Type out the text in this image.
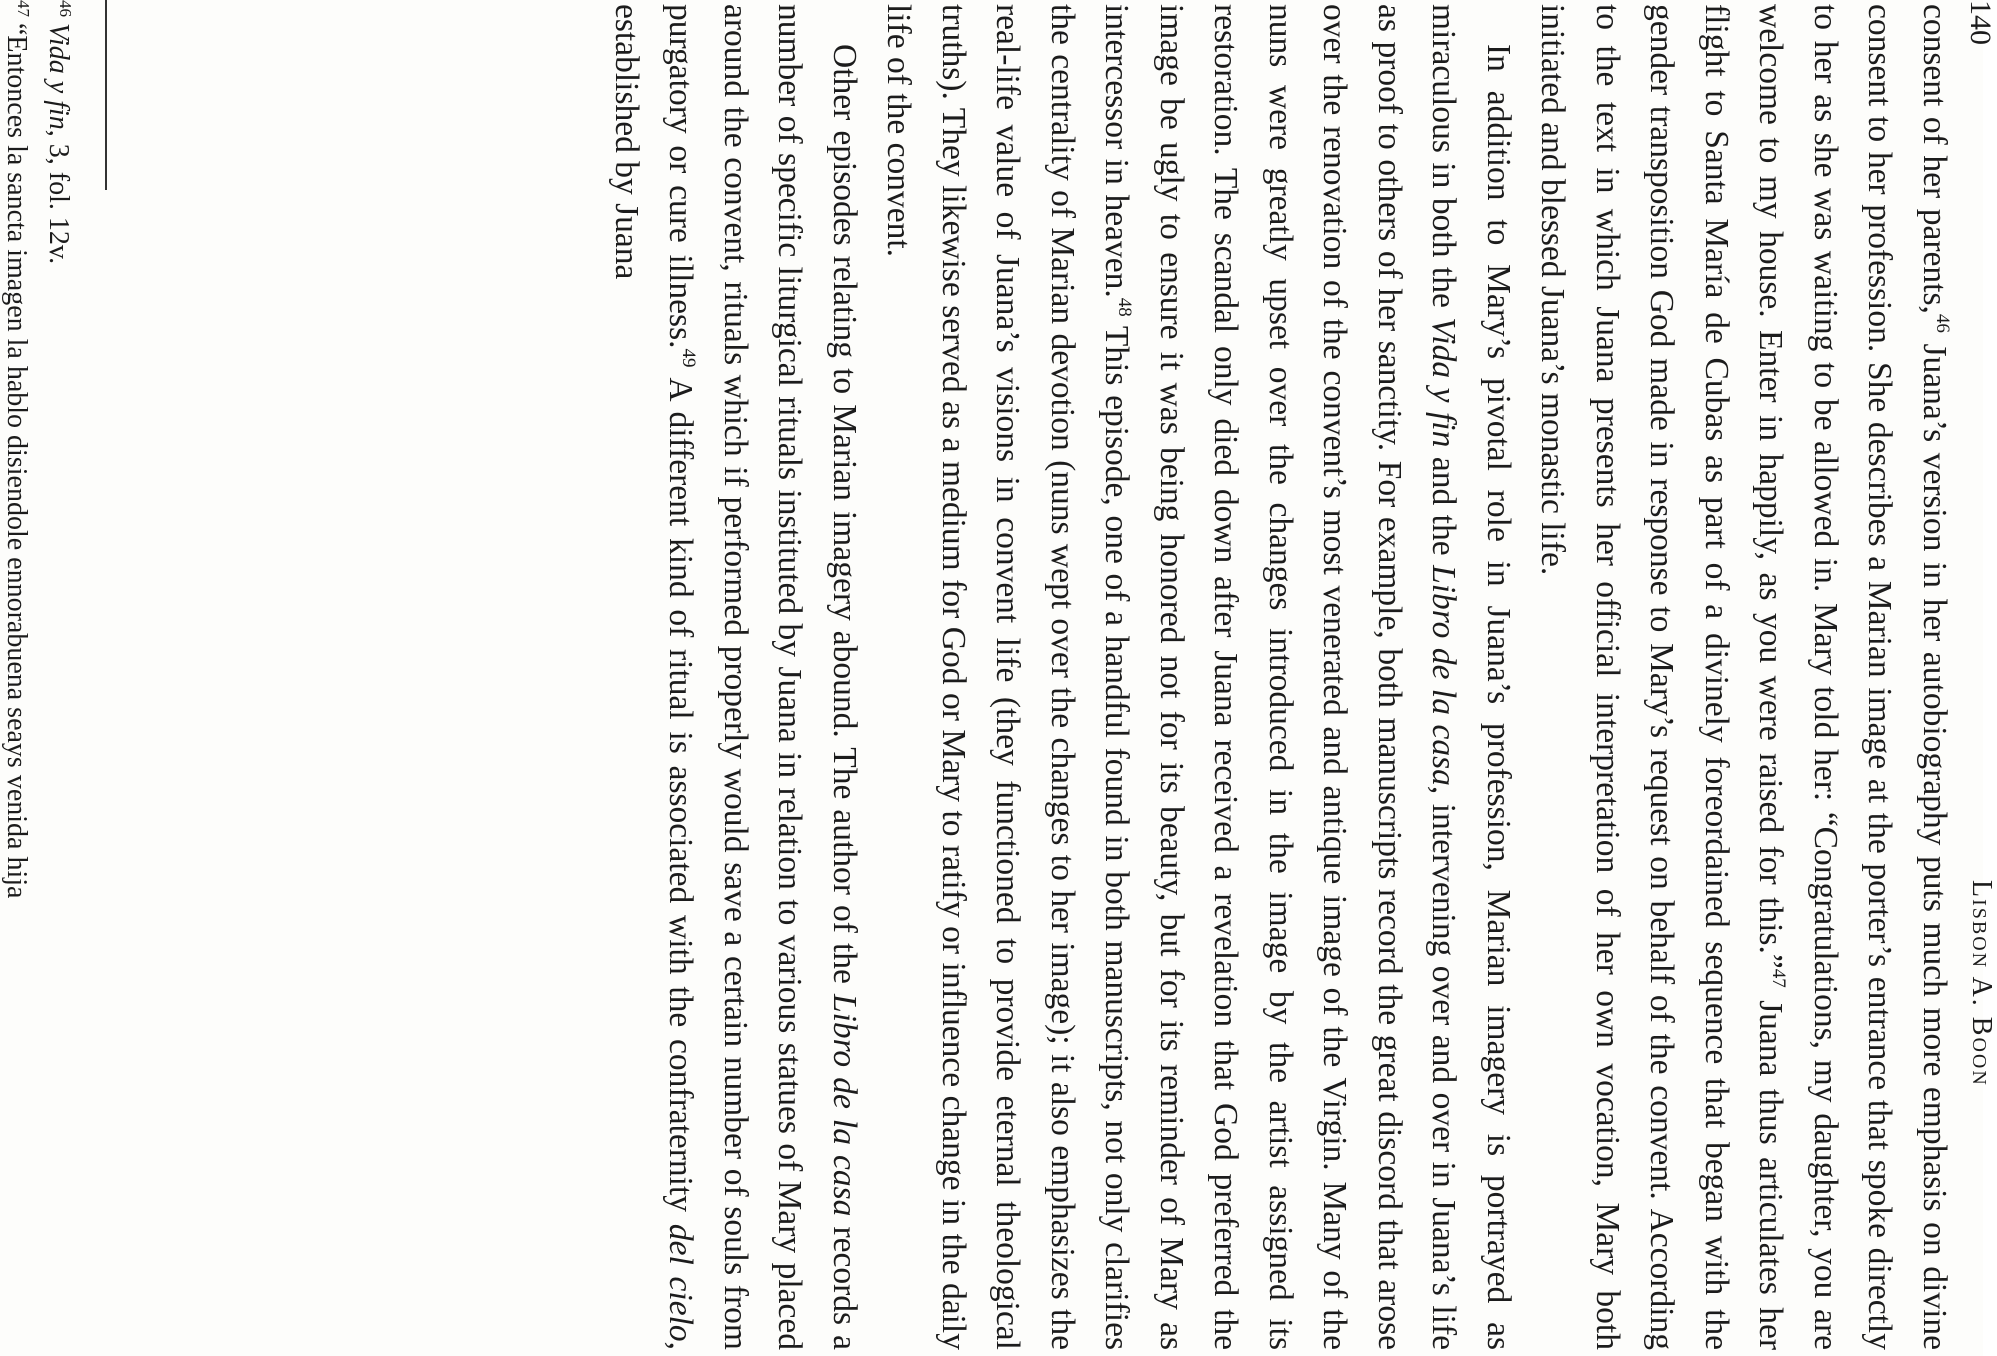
140
Lisbon A. Boon

consent of her parents,$^{46}$ Juana’s version in her autobiography puts much more emphasis on divine consent to her profession. She describes a Marian image at the porter’s entrance that spoke directly to her as she was waiting to be allowed in. Mary told her: “Congratulations, my daughter, you are welcome to my house. Enter in happily, as you were raised for this.”$^{47}$ Juana thus articulates her flight to Santa María de Cubas as part of a divinely foreordained sequence that began with the gender transposition God made in response to Mary’s request on behalf of the convent. According to the text in which Juana presents her official interpretation of her own vocation, Mary both initiated and blessed Juana’s monastic life.

In addition to Mary’s pivotal role in Juana’s profession, Marian imagery is portrayed as miraculous in both the Vida y fin and the Libro de la casa, intervening over and over in Juana’s life as proof to others of her sanctity. For example, both manuscripts record the great discord that arose over the renovation of the convent’s most venerated and antique image of the Virgin. Many of the nuns were greatly upset over the changes introduced in the image by the artist assigned its restoration. The scandal only died down after Juana received a revelation that God preferred the image be ugly to ensure it was being honored not for its beauty, but for its reminder of Mary as intercessor in heaven.$^{48}$ This episode, one of a handful found in both manuscripts, not only clarifies the centrality of Marian devotion (nuns wept over the changes to her image); it also emphasizes the real-life value of Juana’s visions in convent life (they functioned to provide eternal theological truths). They likewise served as a medium for God or Mary to ratify or influence change in the daily life of the convent.

Other episodes relating to Marian imagery abound. The author of the Libro de la casa records a number of specific liturgical rituals instituted by Juana in relation to various statues of Mary placed around the convent, rituals which if performed properly would save a certain number of souls from purgatory or cure illness.$^{49}$ A different kind of ritual is associated with the confraternity del cielo, established by Juana

$^{46}$Vida y fin, 3, fol. 12v.

$^{47}$“Entonces la sancta imagen la hablo disiendole ennorabuena seays venida hija
